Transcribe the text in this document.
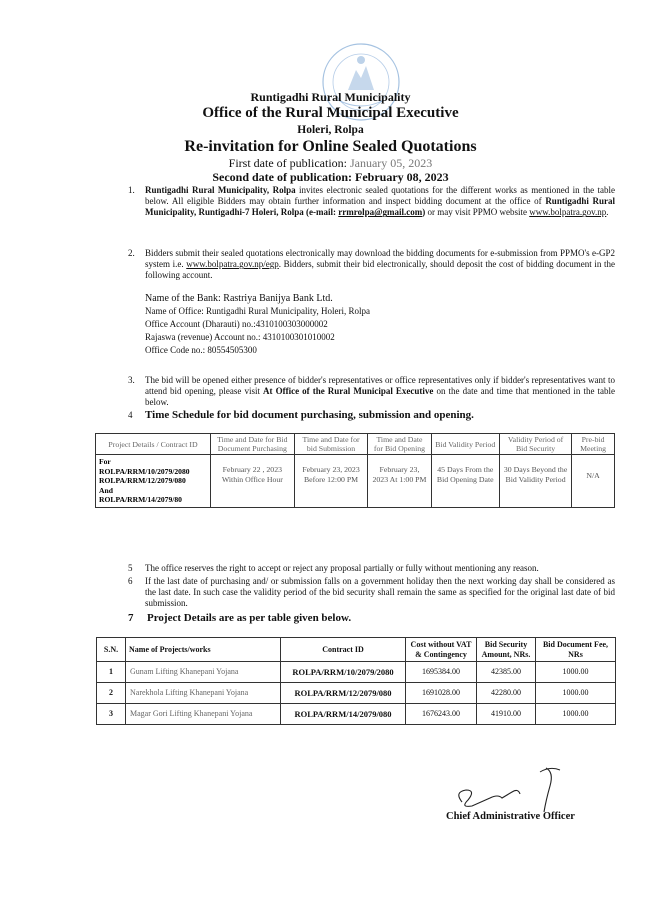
Runtigadhi Rural Municipality
Office of the Rural Municipal Executive
Holeri, Rolpa
Re-invitation for Online Sealed Quotations
First date of publication: January 05, 2023
Second date of publication: February 08, 2023
1. Runtigadhi Rural Municipality, Rolpa invites electronic sealed quotations for the different works as mentioned in the table below. All eligible Bidders may obtain further information and inspect bidding document at the office of Runtigadhi Rural Municipality, Runtigadhi-7 Holeri, Rolpa (e-mail: rrmrolpa@gmail.com) or may visit PPMO website www.bolpatra.gov.np.
2. Bidders submit their sealed quotations electronically may download the bidding documents for e-submission from PPMO's e-GP2 system i.e. www.bolpatra.gov.np/egp. Bidders, submit their bid electronically, should deposit the cost of bidding document in the following account.
Name of the Bank: Rastriya Banijya Bank Ltd.
Name of Office: Runtigadhi Rural Municipality, Holeri, Rolpa
Office Account (Dharauti) no.:4310100303000002
Rajaswa (revenue) Account no.: 4310100301010002
Office Code no.: 80554505300
3. The bid will be opened either presence of bidder's representatives or office representatives only if bidder's representatives want to attend bid opening, please visit At Office of the Rural Municipal Executive on the date and time that mentioned in the table below.
4 Time Schedule for bid document purchasing, submission and opening.
Project Details / Contract ID	Time and Date for Bid Document Purchasing	Time and Date for bid Submission	Time and Date for Bid Opening	Bid Validity Period	Validity Period of Bid Security	Pre-bid Meeting

For
ROLPA/RRM/10/2079/2080
ROLPA/RRM/12/2079/080
And
ROLPA/RRM/14/2079/80	February 22 , 2023 Within Office Hour	February 23, 2023 Before 12:00 PM	February 23, 2023 At 1:00 PM	45 Days From the Bid Opening Date	30 Days Beyond the Bid Validity Period	N/A
5 The office reserves the right to accept or reject any proposal partially or fully without mentioning any reason.
6 If the last date of purchasing and/ or submission falls on a government holiday then the next working day shall be considered as the last date. In such case the validity period of the bid security shall remain the same as specified for the original last date of bid submission.
7 Project Details are as per table given below.
S.N.	Name of Projects/works	Contract ID	Cost without VAT & Contingency	Bid Security Amount, NRs.	Bid Document Fee, NRs
1	Gunam Lifting Khanepani Yojana	ROLPA/RRM/10/2079/2080	1695384.00	42385.00	1000.00
2	Narekhola Lifting Khanepani Yojana	ROLPA/RRM/12/2079/080	1691028.00	42280.00	1000.00
3	Magar Gori Lifting Khanepani Yojana	ROLPA/RRM/14/2079/080	1676243.00	41910.00	1000.00
Chief Administrative Officer
